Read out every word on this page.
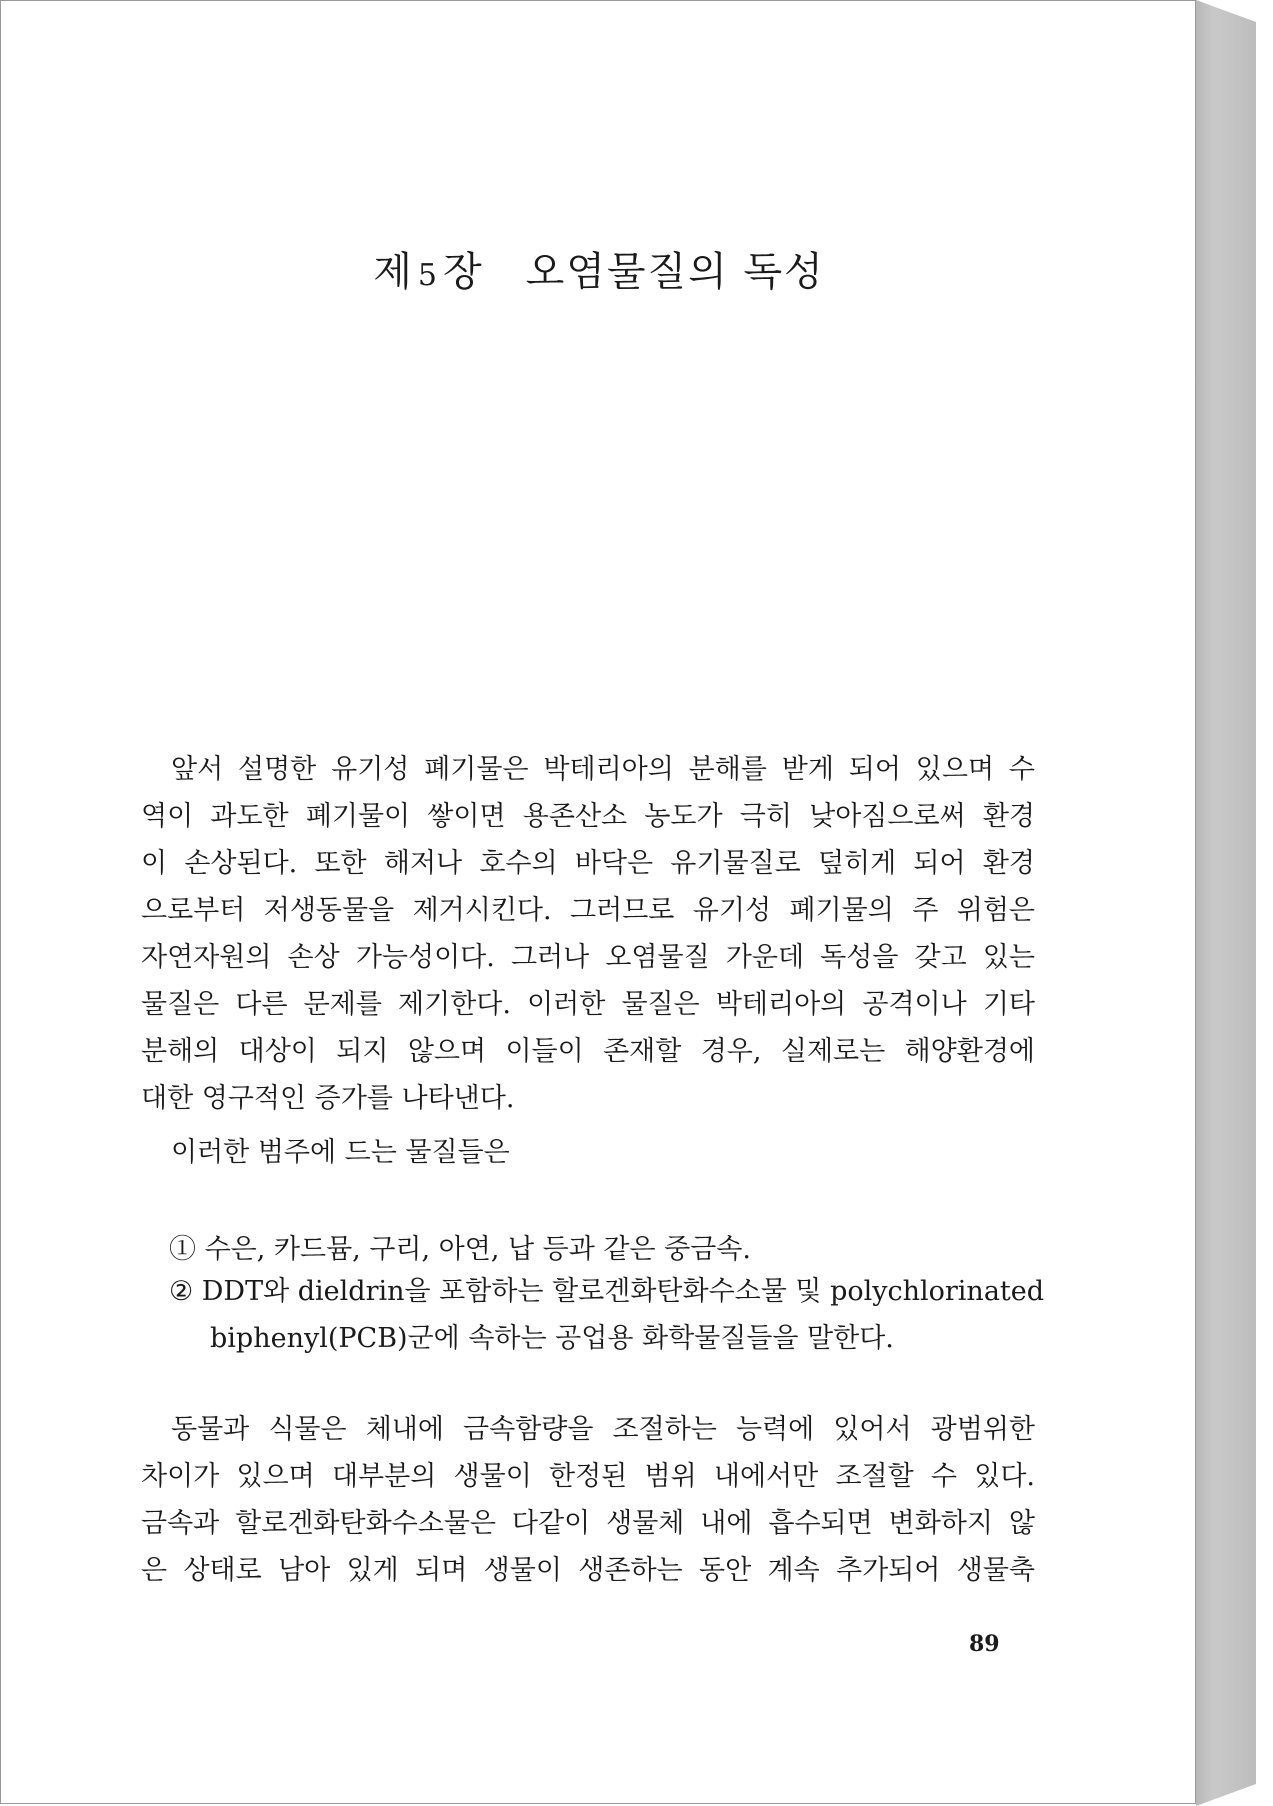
제 5 장 오염물질의 독성
앞서 설명한 유기성 폐기물은 박테리아의 분해를 받게 되어 있으며 수
역이 과도한 폐기물이 쌓이면 용존산소 농도가 극히 낮아짐으로써 환경
이 손상된다. 또한 해저나 호수의 바닥은 유기물질로 덮히게 되어 환경
으로부터 저생동물을 제거시킨다. 그러므로 유기성 폐기물의 주 위험은
자연자원의 손상 가능성이다. 그러나 오염물질 가운데 독성을 갖고 있는
물질은 다른 문제를 제기한다. 이러한 물질은 박테리아의 공격이나 기타
분해의 대상이 되지 않으며 이들이 존재할 경우, 실제로는 해양환경에
대한 영구적인 증가를 나타낸다.
이러한 범주에 드는 물질들은
① 수은, 카드뮴, 구리, 아연, 납 등과 같은 중금속.
② DDT와 dieldrin을 포함하는 할로겐화탄화수소물 및 polychlorinated
biphenyl(PCB)군에 속하는 공업용 화학물질들을 말한다.
동물과 식물은 체내에 금속함량을 조절하는 능력에 있어서 광범위한
차이가 있으며 대부분의 생물이 한정된 범위 내에서만 조절할 수 있다.
금속과 할로겐화탄화수소물은 다같이 생물체 내에 흡수되면 변화하지 않
은 상태로 남아 있게 되며 생물이 생존하는 동안 계속 추가되어 생물축
89
